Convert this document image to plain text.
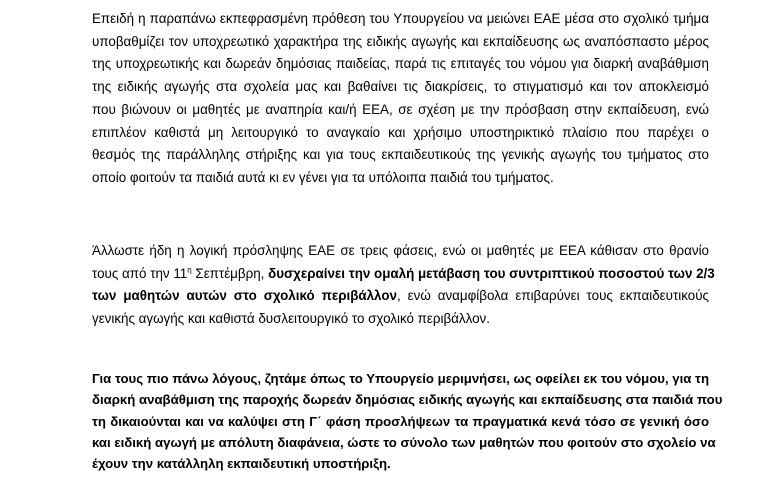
Επειδή η παραπάνω εκπεφρασμένη πρόθεση του Υπουργείου να μειώνει ΕΑΕ μέσα στο σχολικό τμήμα
υποβαθμίζει τον υποχρεωτικό χαρακτήρα της ειδικής αγωγής και εκπαίδευσης ως αναπόσπαστο μέρος
της υποχρεωτικής και δωρεάν δημόσιας παιδείας, παρά τις επιταγές του νόμου για διαρκή αναβάθμιση
της ειδικής αγωγής στα σχολεία μας και βαθαίνει τις διακρίσεις, το στιγματισμό και τον αποκλεισμό
που βιώνουν οι μαθητές με αναπηρία και/ή ΕΕΑ, σε σχέση με την πρόσβαση στην εκπαίδευση, ενώ
επιπλέον καθιστά μη λειτουργικό το αναγκαίο και χρήσιμο υποστηρικτικό πλαίσιο που παρέχει ο
θεσμός της παράλληλης στήριξης και για τους εκπαιδευτικούς της γενικής αγωγής του τμήματος στο
οποίο φοιτούν τα παιδιά αυτά κι εν γένει για τα υπόλοιπα παιδιά του τμήματος.

Άλλωστε ήδη η λογική πρόσληψης ΕΑΕ σε τρεις φάσεις, ενώ οι μαθητές με ΕΕΑ κάθισαν στο θρανίο
τους από την $11^\eta$ Σεπτέμβρη, δυσχεραίνει την ομαλή μετάβαση του συντριπτικού ποσοστού των 2/3
των μαθητών αυτών στο σχολικό περιβάλλον, ενώ αναμφίβολα επιβαρύνει τους εκπαιδευτικούς
γενικής αγωγής και καθιστά δυσλειτουργικό το σχολικό περιβάλλον.

Για τους πιο πάνω λόγους, ζητάμε όπως το Υπουργείο μεριμνήσει, ως οφείλει εκ του νόμου, για τη
διαρκή αναβάθμιση της παροχής δωρεάν δημόσιας ειδικής αγωγής και εκπαίδευσης στα παιδιά που
τη δικαιούνται και να καλύψει στη Γ΄ φάση προσλήψεων τα πραγματικά κενά τόσο σε γενική όσο
και ειδική αγωγή με απόλυτη διαφάνεια, ώστε το σύνολο των μαθητών που φοιτούν στο σχολείο να
έχουν την κατάλληλη εκπαιδευτική υποστήριξη.
